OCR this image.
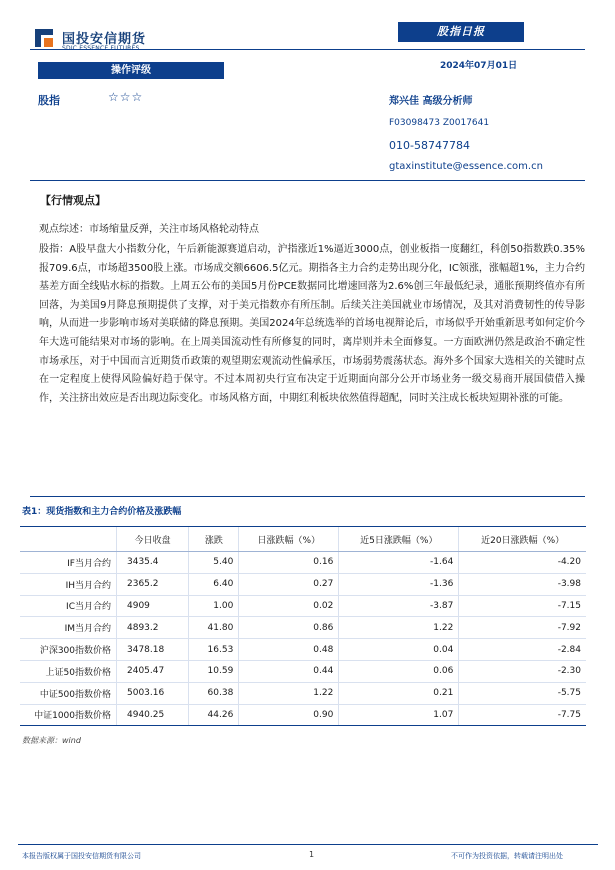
国投安信期货
股指日报
2024年07月01日
操作评级
股指	☆☆☆	郑兴佳 高级分析师
F03098473 Z0017641
010-58747784
gtaxinstitute@essence.com.cn
【行情观点】
观点综述：市场缩量反弹，关注市场风格轮动特点
股指：A股早盘大小指数分化，午后新能源赛道启动，沪指涨近1%逼近3000点，创业板指一度翻红，科创50指数跌0.35%报709.6点，市场超3500股上涨。市场成交额6606.5亿元。期指各主力合约走势出现分化，IC领涨，涨幅超1%，主力合约基差方面全线贴水标的指数。上周五公布的美国5月份PCE数据同比增速回落为2.6%创三年最低纪录，通胀预期终值亦有所回落，为美国9月降息预期提供了支撑，对于美元指数亦有所压制。后续关注美国就业市场情况，及其对消费韧性的传导影响，从而进一步影响市场对美联储的降息预期。美国2024年总统选举的首场电视辩论后，市场似乎开始重新思考如何定价今年大选可能结果对市场的影响。在上周美国流动性有所修复的同时，离岸则并未全面修复。一方面欧洲仍然是政治不确定性市场承压，对于中国而言近期货币政策的观望期宏观流动性偏承压，市场弱势震荡状态。海外多个国家大选相关的关键时点在一定程度上使得风险偏好趋于保守。不过本周初央行宣布决定于近期面向部分公开市场业务一级交易商开展国债借入操作，关注挤出效应是否出现边际变化。市场风格方面，中期红利板块依然值得超配，同时关注成长板块短期补涨的可能。
表1：现货指数和主力合约价格及涨跌幅
	今日收盘	涨跌	日涨跌幅（%）	近5日涨跌幅（%）	近20日涨跌幅（%）
IF当月合约	3435.4	5.40	0.16	-1.64	-4.20
IH当月合约	2365.2	6.40	0.27	-1.36	-3.98
IC当月合约	4909	1.00	0.02	-3.87	-7.15
IM当月合约	4893.2	41.80	0.86	1.22	-7.92
沪深300指数价格	3478.18	16.53	0.48	0.04	-2.84
上证50指数价格	2405.47	10.59	0.44	0.06	-2.30
中证500指数价格	5003.16	60.38	1.22	0.21	-5.75
中证1000指数价格	4940.25	44.26	0.90	1.07	-7.75
数据来源：wind
本报告版权属于国投安信期货有限公司	1	不可作为投资依据，转载请注明出处
